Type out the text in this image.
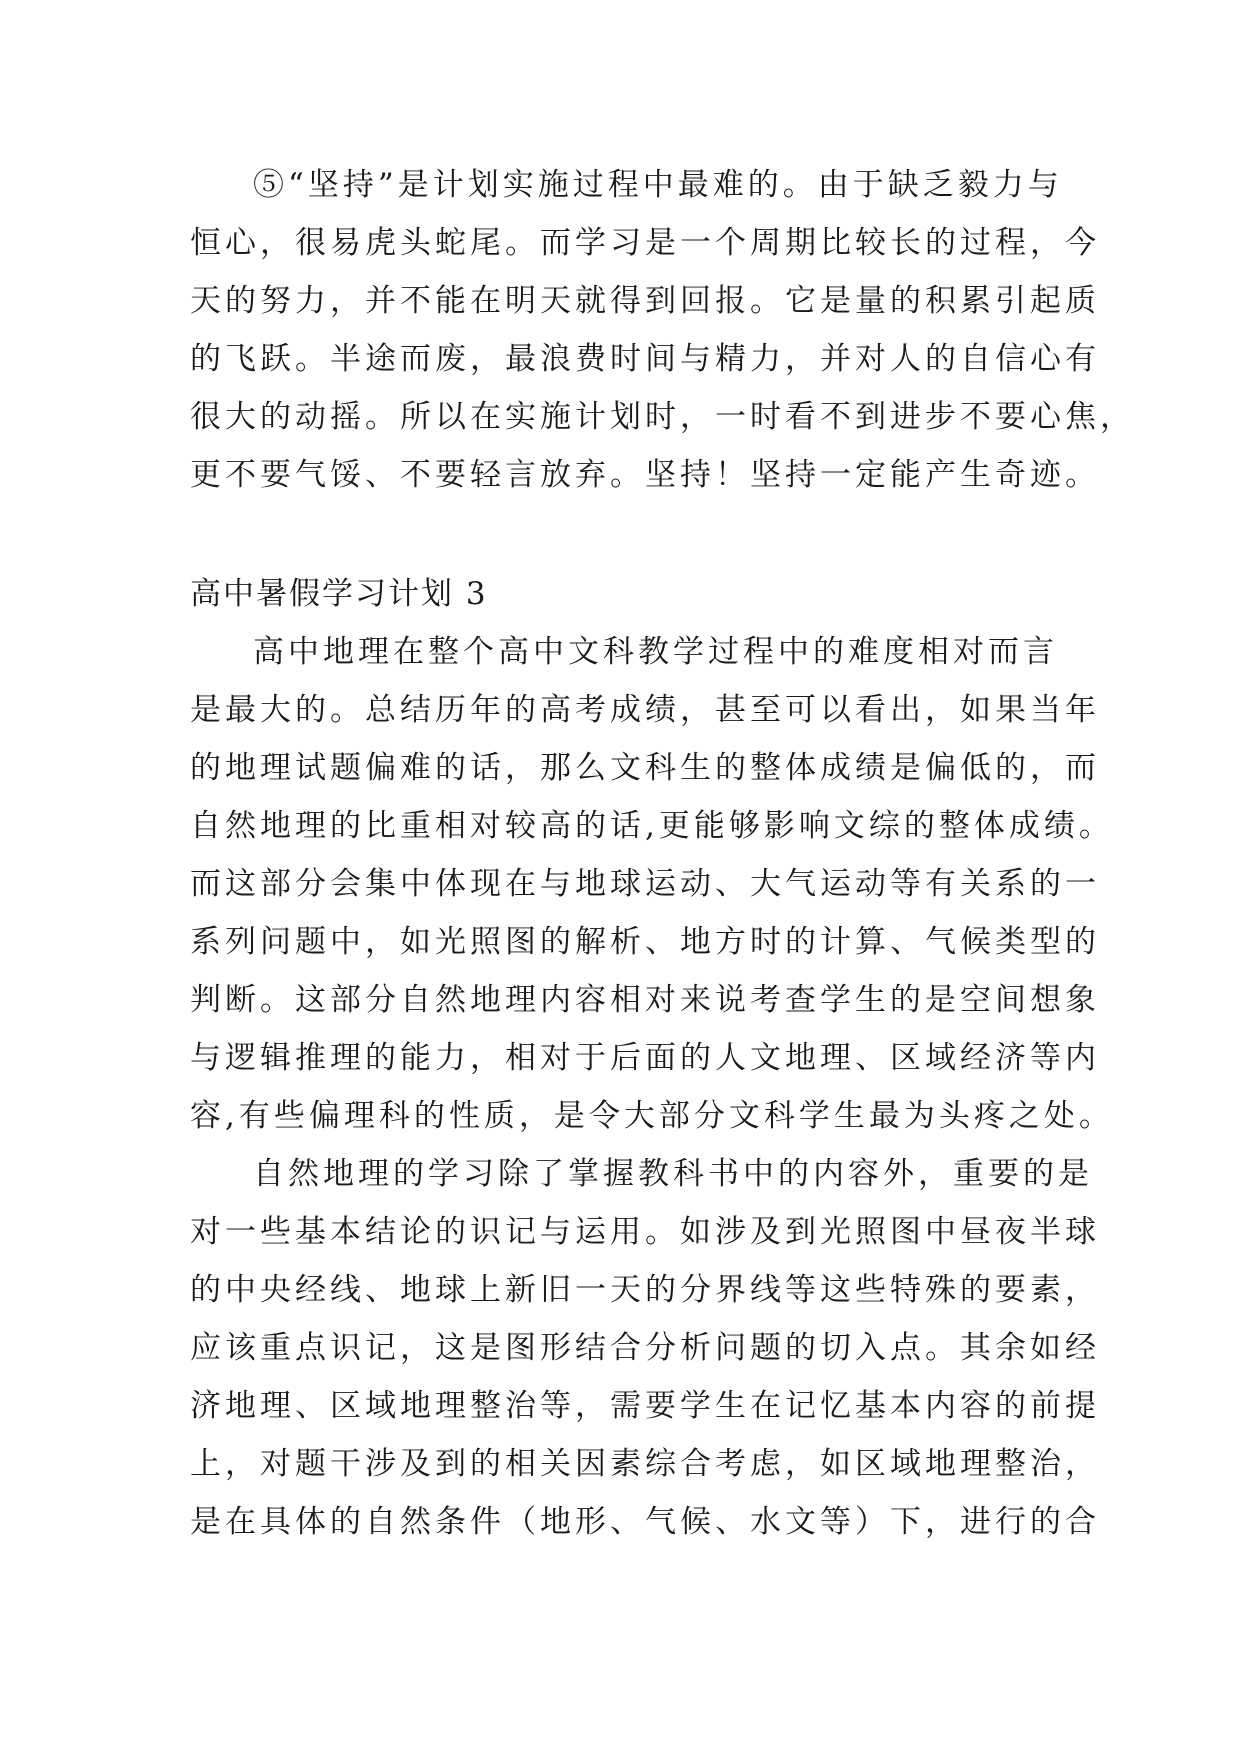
⑤“坚持”是计划实施过程中最难的。由于缺乏毅力与
恒心，很易虎头蛇尾。而学习是一个周期比较长的过程，今
天的努力，并不能在明天就得到回报。它是量的积累引起质
的飞跃。半途而废，最浪费时间与精力，并对人的自信心有
很大的动摇。所以在实施计划时，一时看不到进步不要心焦，
更不要气馁、不要轻言放弃。坚持！坚持一定能产生奇迹。
高中暑假学习计划 3
高中地理在整个高中文科教学过程中的难度相对而言
是最大的。总结历年的高考成绩，甚至可以看出，如果当年
的地理试题偏难的话，那么文科生的整体成绩是偏低的，而
自然地理的比重相对较高的话,更能够影响文综的整体成绩。
而这部分会集中体现在与地球运动、大气运动等有关系的一
系列问题中，如光照图的解析、地方时的计算、气候类型的
判断。这部分自然地理内容相对来说考查学生的是空间想象
与逻辑推理的能力，相对于后面的人文地理、区域经济等内
容,有些偏理科的性质，是令大部分文科学生最为头疼之处。
自然地理的学习除了掌握教科书中的内容外，重要的是
对一些基本结论的识记与运用。如涉及到光照图中昼夜半球
的中央经线、地球上新旧一天的分界线等这些特殊的要素，
应该重点识记，这是图形结合分析问题的切入点。其余如经
济地理、区域地理整治等，需要学生在记忆基本内容的前提
上，对题干涉及到的相关因素综合考虑，如区域地理整治，
是在具体的自然条件（地形、气候、水文等）下，进行的合
